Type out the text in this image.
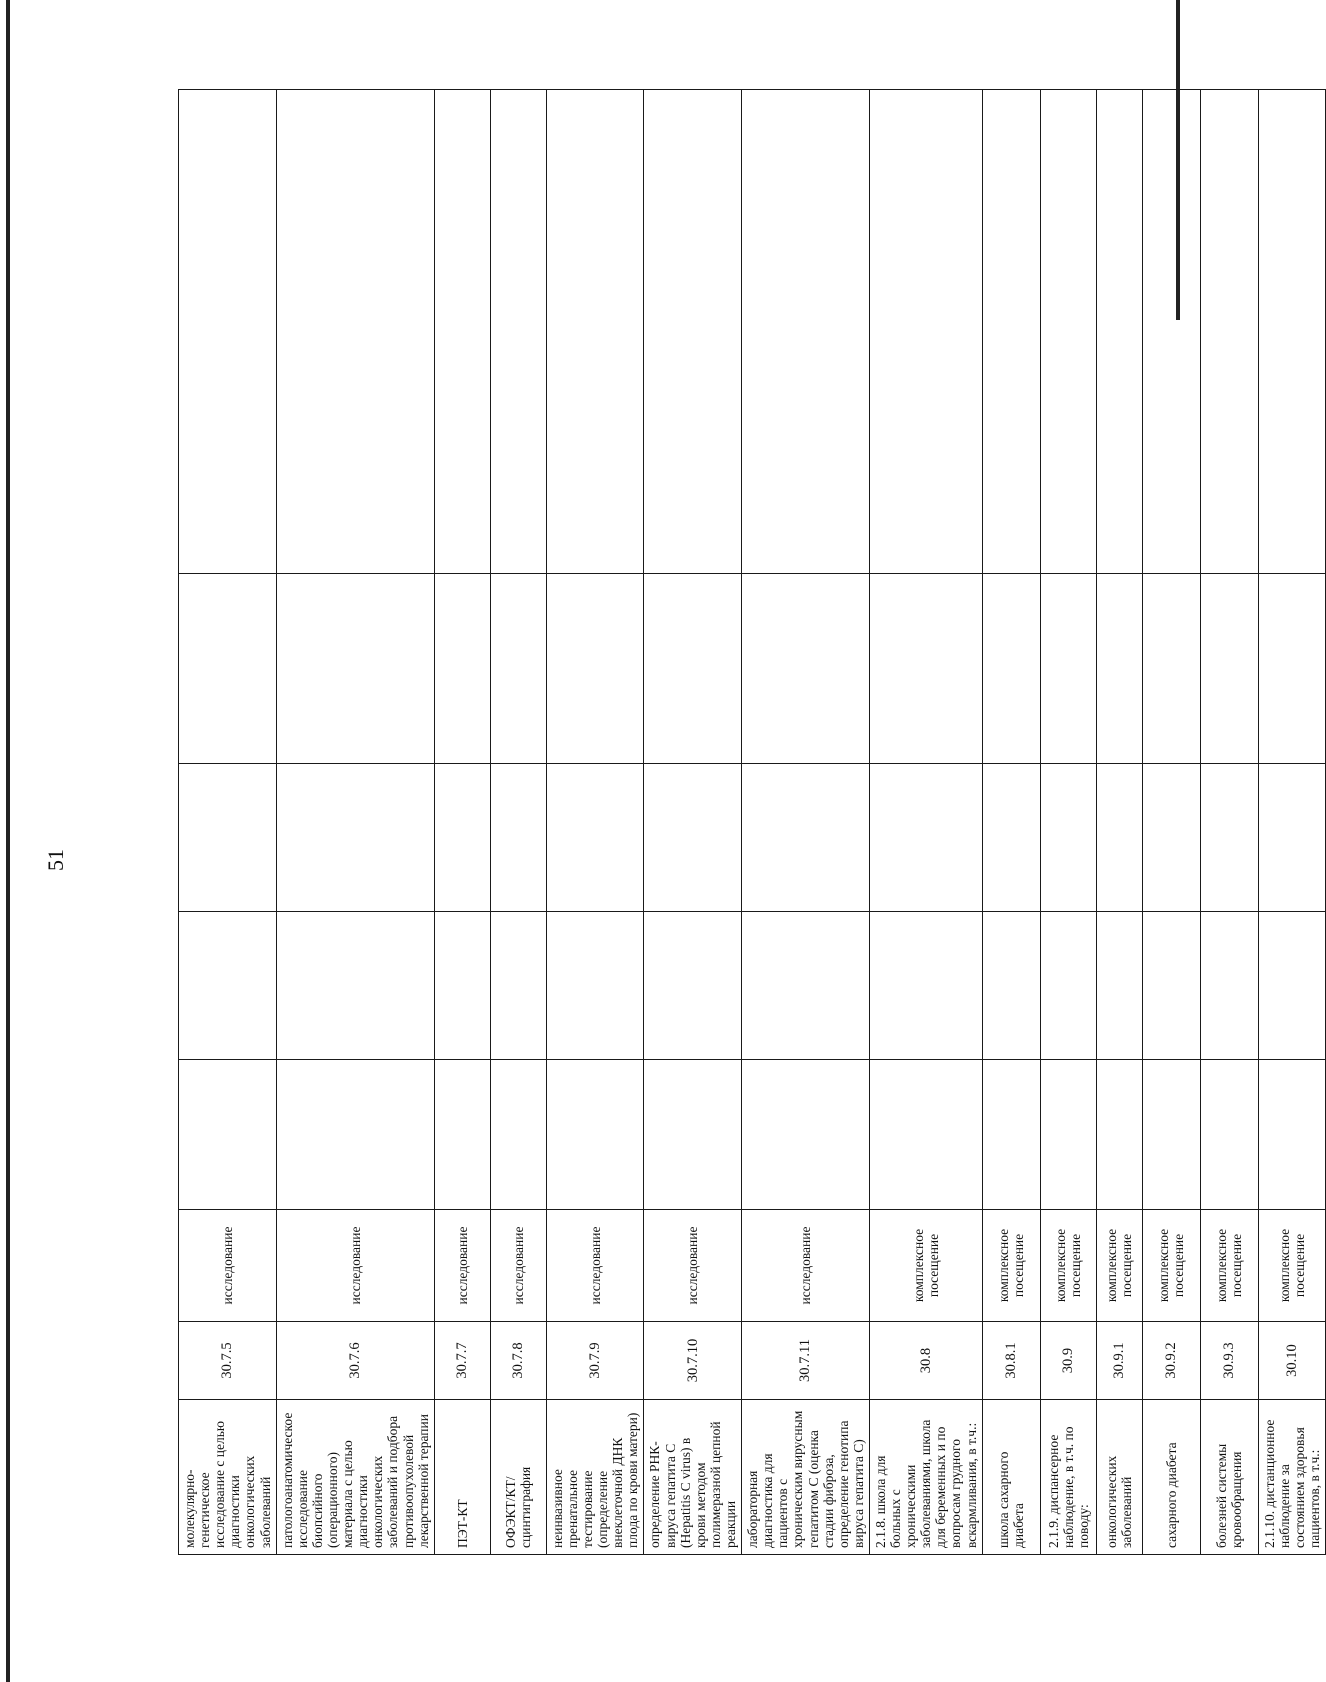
51
молекулярно-генетическое исследование с целью диагностики онкологических заболеваний	30.7.5	исследование					
патологоанатомическое исследование биопсийного (операционного) материала с целью диагностики онкологических заболеваний и подбора противоопухолевой лекарственной терапии	30.7.6	исследование					
ПЭТ-КТ	30.7.7	исследование					
ОФЭКТ/КТ/сцинтиграфия	30.7.8	исследование					
неинвазивное пренатальное тестирование (определение внеклеточной ДНК плода по крови матери)	30.7.9	исследование					
определение РНК-вируса гепатита С (Hepatitis C virus) в крови методом полимеразной цепной реакции	30.7.10	исследование					
лабораторная диагностика для пациентов с хроническим вирусным гепатитом С (оценка стадии фиброза, определение генотипа вируса гепатита С)	30.7.11	исследование					
2.1.8. школа для больных с хроническими заболеваниями, школа для беременных и по вопросам грудного вскармливания, в т.ч.:	30.8	комплексное посещение					
школа сахарного диабета	30.8.1	комплексное посещение					
2.1.9. диспансерное наблюдение, в т.ч. по поводу:	30.9	комплексное посещение					
онкологических заболеваний	30.9.1	комплексное посещение					
сахарного диабета	30.9.2	комплексное посещение					
болезней системы кровообращения	30.9.3	комплексное посещение					
2.1.10. дистанционное наблюдение за состоянием здоровья пациентов, в т.ч.:	30.10	комплексное посещение					
